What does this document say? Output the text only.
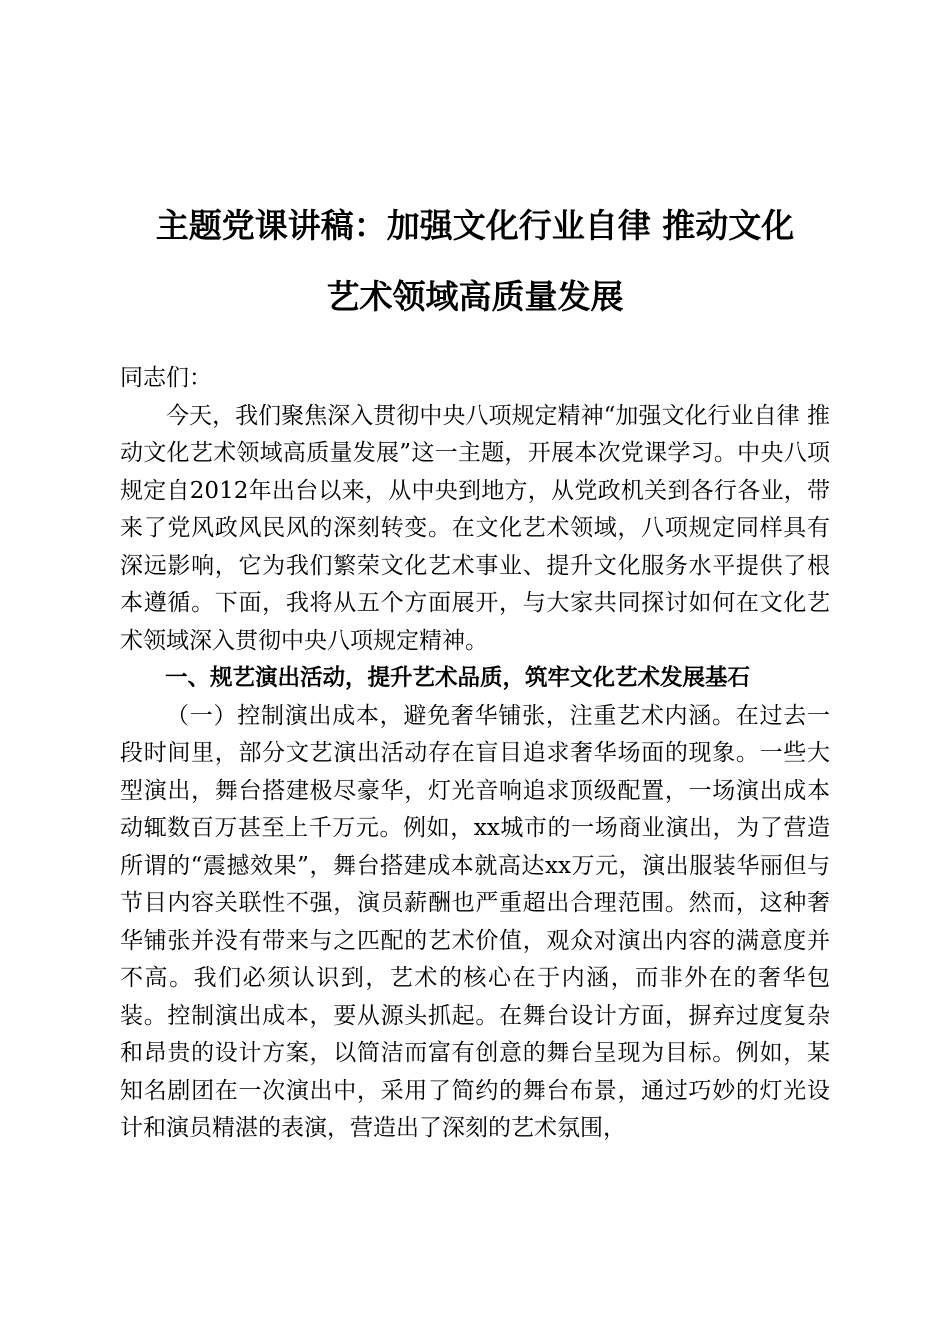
主题党课讲稿：加强文化行业自律 推动文化
艺术领域高质量发展

同志们：

今天，我们聚焦深入贯彻中央八项规定精神“加强文化行业自律 推动文化艺术领域高质量发展”这一主题，开展本次党课学习。中央八项规定自2012年出台以来，从中央到地方，从党政机关到各行各业，带来了党风政风民风的深刻转变。在文化艺术领域，八项规定同样具有深远影响，它为我们繁荣文化艺术事业、提升文化服务水平提供了根本遵循。下面，我将从五个方面展开，与大家共同探讨如何在文化艺术领域深入贯彻中央八项规定精神。

一、规艺演出活动，提升艺术品质，筑牢文化艺术发展基石

（一）控制演出成本，避免奢华铺张，注重艺术内涵。在过去一段时间里，部分文艺演出活动存在盲目追求奢华场面的现象。一些大型演出，舞台搭建极尽豪华，灯光音响追求顶级配置，一场演出成本动辄数百万甚至上千万元。例如，xx城市的一场商业演出，为了营造所谓的“震撼效果”，舞台搭建成本就高达xx万元，演出服装华丽但与节目内容关联性不强，演员薪酬也严重超出合理范围。然而，这种奢华铺张并没有带来与之匹配的艺术价值，观众对演出内容的满意度并不高。我们必须认识到，艺术的核心在于内涵，而非外在的奢华包装。控制演出成本，要从源头抓起。在舞台设计方面，摒弃过度复杂和昂贵的设计方案，以简洁而富有创意的舞台呈现为目标。例如，某知名剧团在一次演出中，采用了简约的舞台布景，通过巧妙的灯光设计和演员精湛的表演，营造出了深刻的艺术氛围，
